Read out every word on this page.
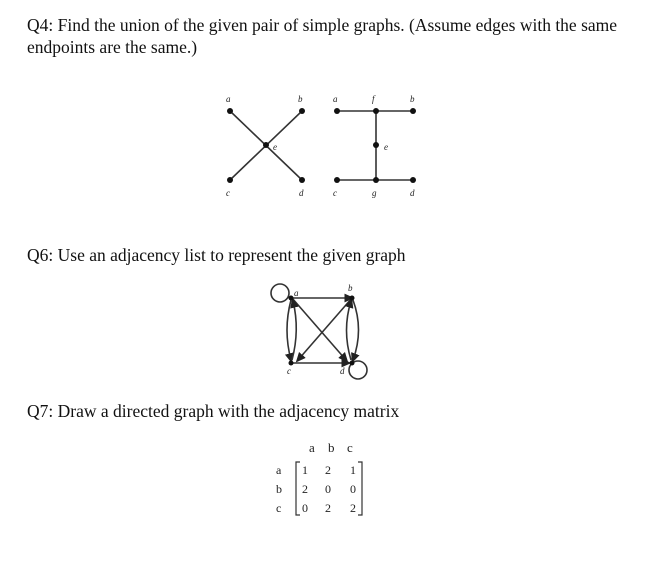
Q4: Find the union of the given pair of simple graphs. (Assume edges with the same endpoints are the same.)

Q6: Use an adjacency list to represent the given graph

Q7: Draw a directed graph with the adjacency matrix

a	b
c	d
e
a	f	b
e
c	g	d
a	b
c	d
a b c
a
b
c
1 2 1
2 0 0
0 2 2
